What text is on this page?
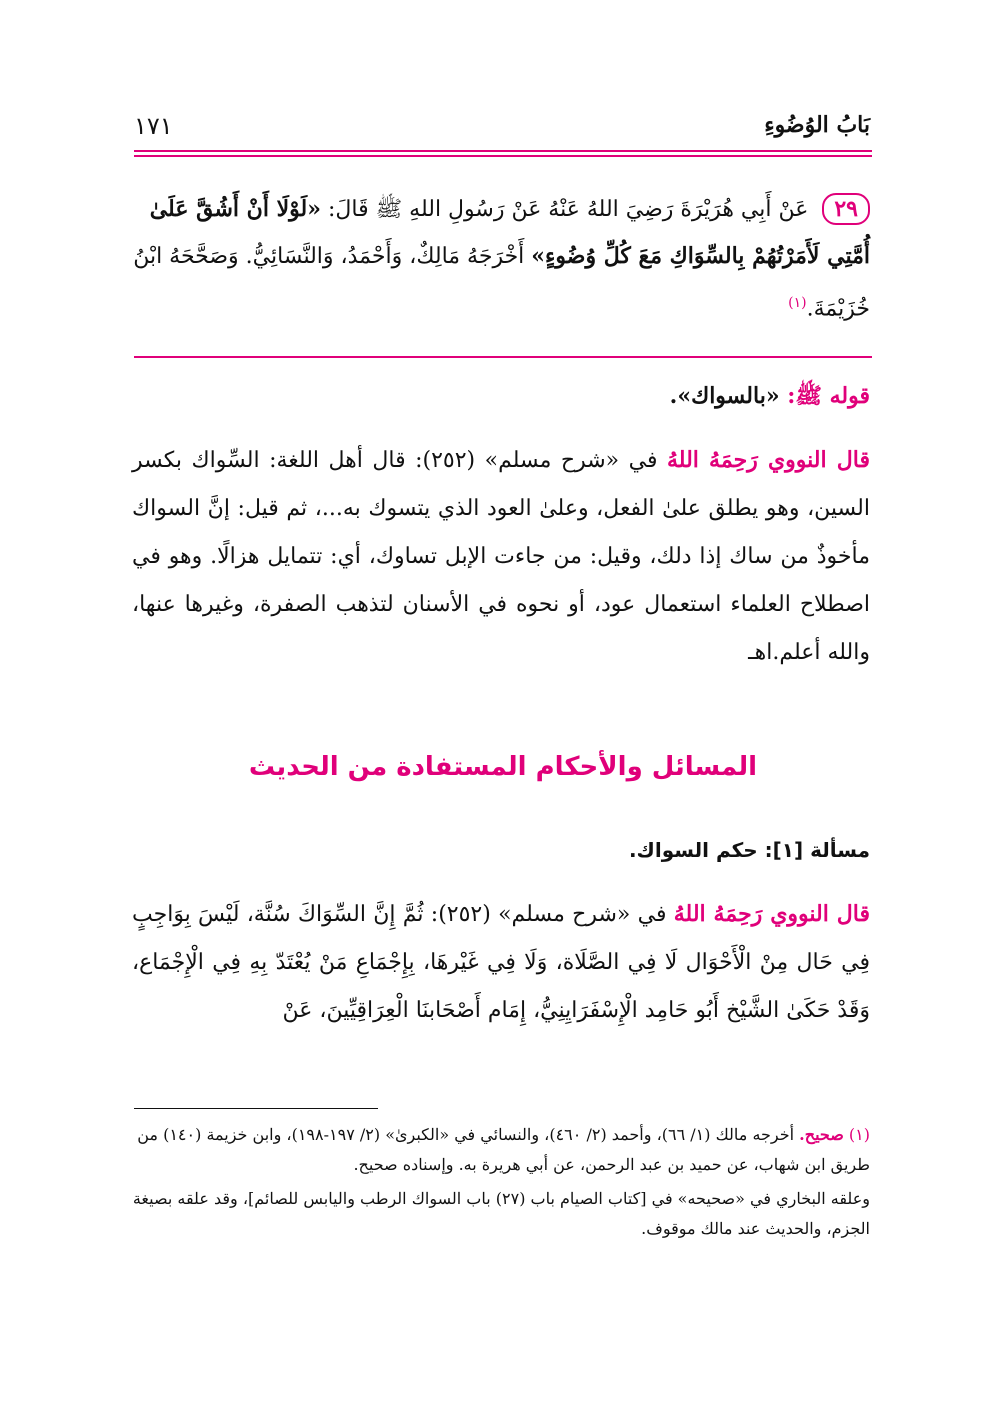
بَابُ الوُضُوءِ
١٧١
٢٩عَنْ أَبِي هُرَيْرَةَ رَضِيَ اللهُ عَنْهُ عَنْ رَسُولِ اللهِ ﷺ قَالَ: «لَوْلَا أَنْ أَشُقَّ عَلَىٰ أُمَّتِي لَأَمَرْتُهُمْ بِالسِّوَاكِ مَعَ كُلِّ وُضُوءٍ» أَخْرَجَهُ مَالِكٌ، وَأَحْمَدُ، وَالنَّسَائِيُّ. وَصَحَّحَهُ ابْنُ خُزَيْمَةَ.$^{(١)}$
قوله ﷺ: «بالسواك».
قال النووي رَحِمَهُ اللهُ في «شرح مسلم» (٢٥٢): قال أهل اللغة: السِّواك بكسر السين، وهو يطلق علىٰ الفعل، وعلىٰ العود الذي يتسوك به...، ثم قيل: إنَّ السواك مأخوذٌ من ساك إذا دلك، وقيل: من جاءت الإبل تساوك، أي: تتمايل هزالًا. وهو في اصطلاح العلماء استعمال عود، أو نحوه في الأسنان لتذهب الصفرة، وغيرها عنها، والله أعلم.اهـ
المسائل والأحكام المستفادة من الحديث
مسألة [١]: حكم السواك.
قال النووي رَحِمَهُ اللهُ في «شرح مسلم» (٢٥٢): ثُمَّ إِنَّ السِّوَاكَ سُنَّة، لَيْسَ بِوَاجِبٍ فِي حَال مِنْ الْأَحْوَال لَا فِي الصَّلَاة، وَلَا فِي غَيْرهَا، بِإِجْمَاعِ مَنْ يُعْتَدّ بِهِ فِي الْإِجْمَاع، وَقَدْ حَكَىٰ الشَّيْخ أَبُو حَامِد الْإِسْفَرَايِنِيُّ، إِمَام أَصْحَابنَا الْعِرَاقِيِّينَ، عَنْ

(١) صحيح. أخرجه مالك (١/ ٦٦)، وأحمد (٢/ ٤٦٠)، والنسائي في «الكبرىٰ» (٢/ ١٩٧-١٩٨)، وابن خزيمة (١٤٠) من طريق ابن شهاب، عن حميد بن عبد الرحمن، عن أبي هريرة به. وإسناده صحيح.

وعلقه البخاري في «صحيحه» في [كتاب الصيام باب (٢٧) باب السواك الرطب واليابس للصائم]، وقد علقه بصيغة الجزم، والحديث عند مالك موقوف.
